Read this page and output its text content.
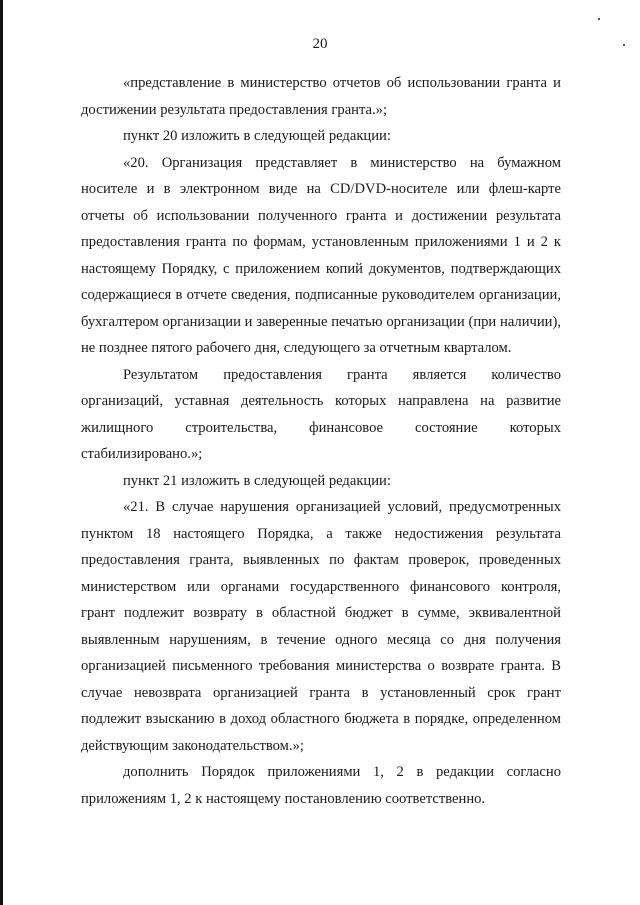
20

«представление в министерство отчетов об использовании гранта и достижении результата предоставления гранта.»;

пункт 20 изложить в следующей редакции:

«20. Организация представляет в министерство на бумажном носителе и в электронном виде на CD/DVD-носителе или флеш-карте отчеты об использовании полученного гранта и достижении результата предоставления гранта по формам, установленным приложениями 1 и 2 к настоящему Порядку, с приложением копий документов, подтверждающих содержащиеся в отчете сведения, подписанные руководителем организации, бухгалтером организации и заверенные печатью организации (при наличии), не позднее пятого рабочего дня, следующего за отчетным кварталом.

Результатом предоставления гранта является количество организаций, уставная деятельность которых направлена на развитие жилищного строительства, финансовое состояние которых стабилизировано.»;

пункт 21 изложить в следующей редакции:

«21. В случае нарушения организацией условий, предусмотренных пунктом 18 настоящего Порядка, а также недостижения результата предоставления гранта, выявленных по фактам проверок, проведенных министерством или органами государственного финансового контроля, грант подлежит возврату в областной бюджет в сумме, эквивалентной выявленным нарушениям, в течение одного месяца со дня получения организацией письменного требования министерства о возврате гранта. В случае невозврата организацией гранта в установленный срок грант подлежит взысканию в доход областного бюджета в порядке, определенном действующим законодательством.»;

дополнить Порядок приложениями 1, 2 в редакции согласно приложениям 1, 2 к настоящему постановлению соответственно.
